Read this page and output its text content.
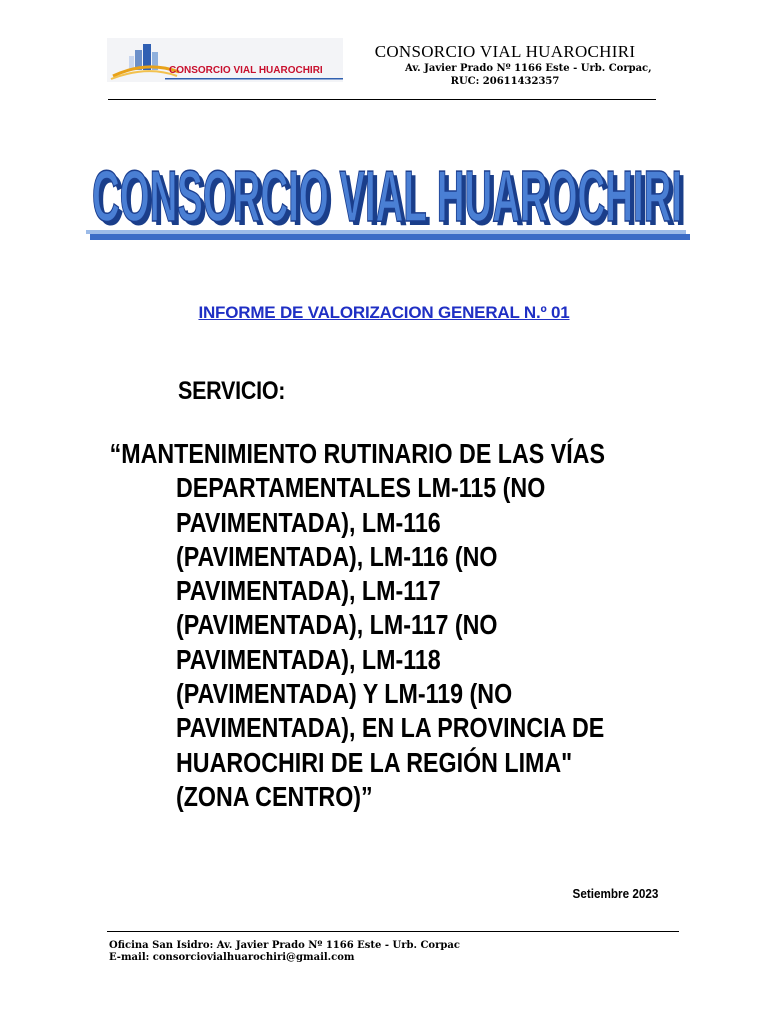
CONSORCIO VIAL HUAROCHIRI
CONSORCIO VIAL HUAROCHIRI
Av. Javier Prado Nº 1166 Este - Urb. Corpac,
RUC: 20611432357
CONSORCIO VIAL HUAROCHIRI
CONSORCIO VIAL HUAROCHIRI
INFORME DE VALORIZACION GENERAL N.º 01
SERVICIO:
“MANTENIMIENTO RUTINARIO DE LAS VÍAS
DEPARTAMENTALES LM-115 (NO
PAVIMENTADA), LM-116
(PAVIMENTADA), LM-116 (NO
PAVIMENTADA), LM-117
(PAVIMENTADA), LM-117 (NO
PAVIMENTADA), LM-118
(PAVIMENTADA) Y LM-119 (NO
PAVIMENTADA), EN LA PROVINCIA DE
HUAROCHIRI DE LA REGIÓN LIMA"
(ZONA CENTRO)”
Setiembre 2023
Oficina San Isidro: Av. Javier Prado Nº 1166 Este - Urb. Corpac
E-mail: consorciovialhuarochiri@gmail.com
